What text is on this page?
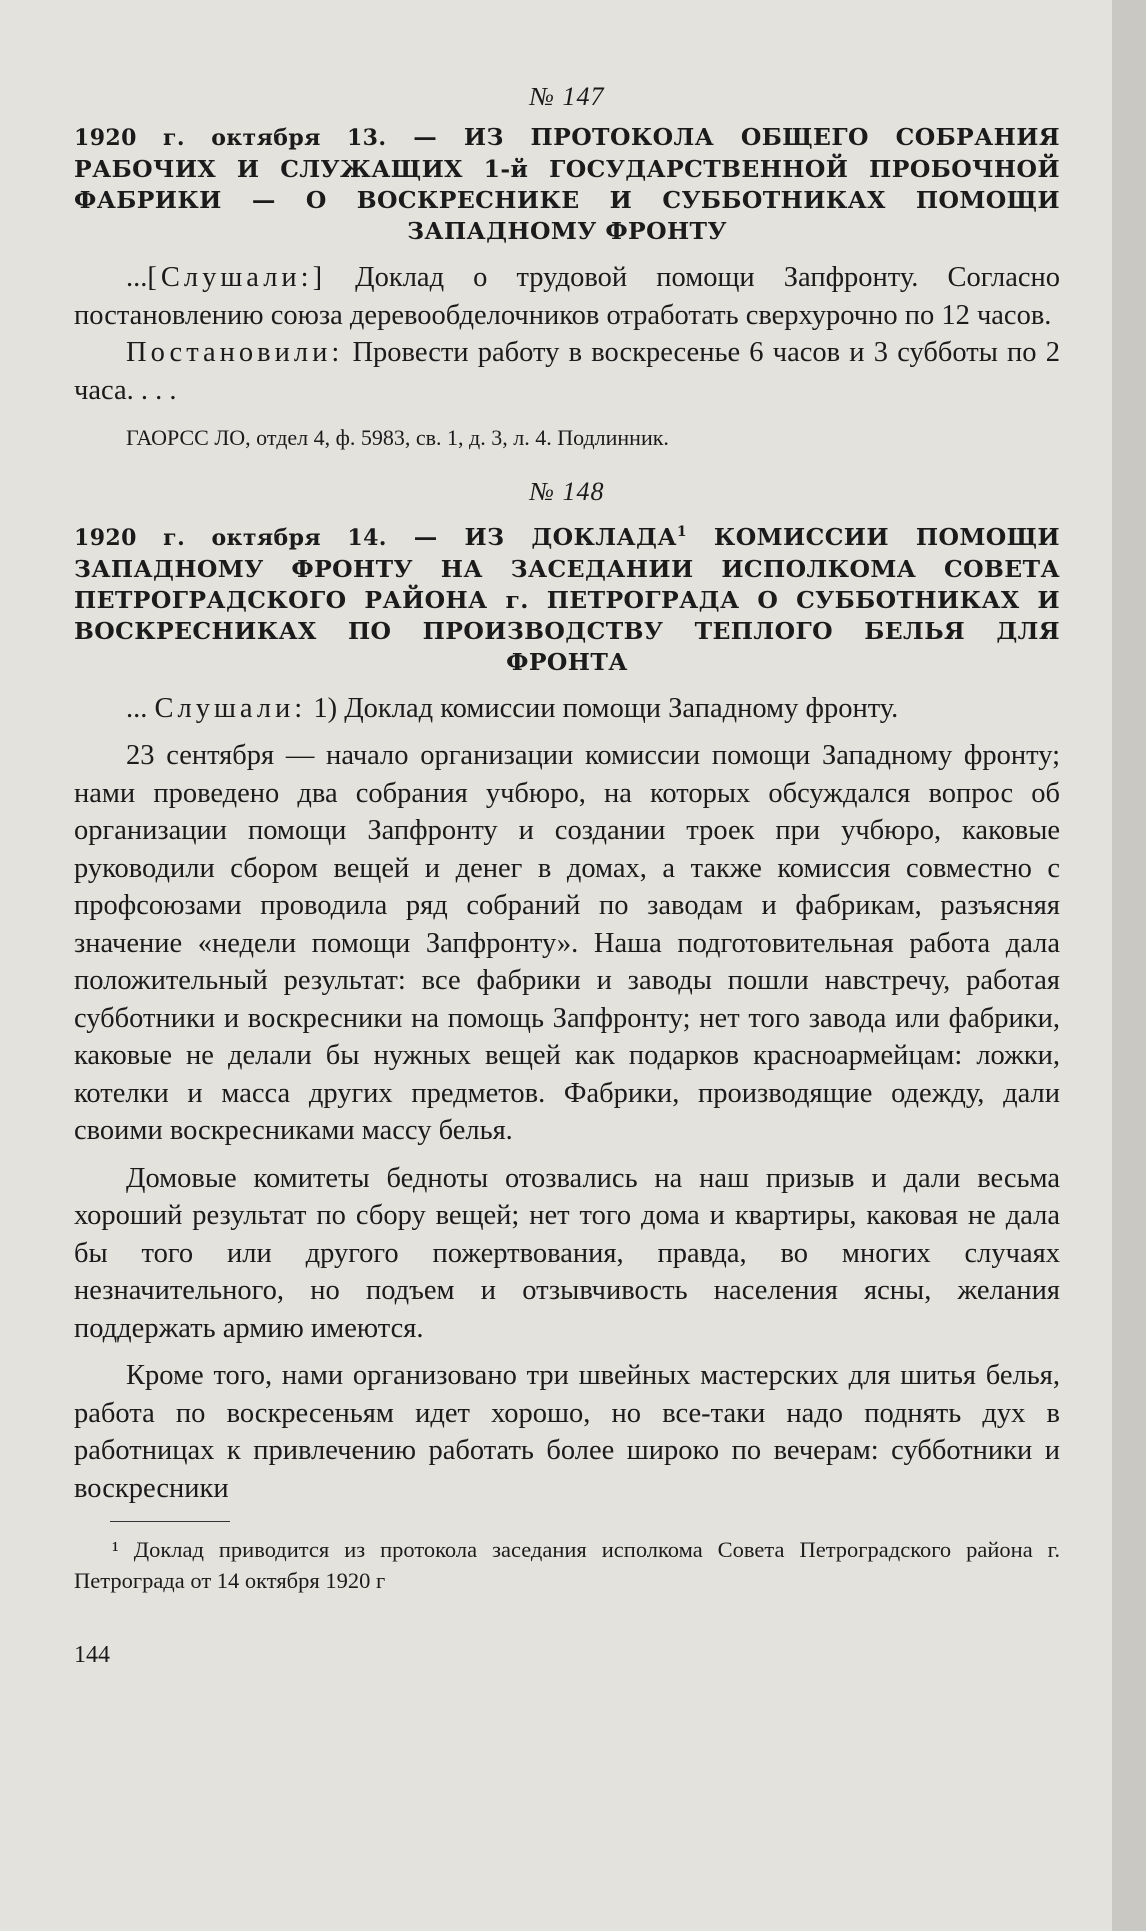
№ 147
1920 г. октября 13. — ИЗ ПРОТОКОЛА ОБЩЕГО СОБРАНИЯ РАБОЧИХ И СЛУЖАЩИХ 1-й ГОСУДАРСТВЕННОЙ ПРОБОЧНОЙ ФАБРИКИ — О ВОСКРЕСНИКЕ И СУББОТНИКАХ ПОМОЩИ ЗАПАДНОМУ ФРОНТУ

...[Слушали:] Доклад о трудовой помощи Запфронту. Согласно постановлению союза деревообделочников отработать сверхурочно по 12 часов.

Постановили: Провести работу в воскресенье 6 часов и 3 субботы по 2 часа. . . .

ГАОРСС ЛО, отдел 4, ф. 5983, св. 1, д. 3, л. 4. Подлинник.
№ 148
1920 г. октября 14. — ИЗ ДОКЛАДА$^1$ КОМИССИИ ПОМОЩИ ЗАПАДНОМУ ФРОНТУ НА ЗАСЕДАНИИ ИСПОЛКОМА СОВЕТА ПЕТРОГРАДСКОГО РАЙОНА г. ПЕТРОГРАДА О СУББОТНИКАХ И ВОСКРЕСНИКАХ ПО ПРОИЗВОДСТВУ ТЕПЛОГО БЕЛЬЯ ДЛЯ ФРОНТА

... Слушали: 1) Доклад комиссии помощи Западному фронту.

23 сентября — начало организации комиссии помощи Западному фронту; нами проведено два собрания учбюро, на которых обсуждался вопрос об организации помощи Запфронту и создании троек при учбюро, каковые руководили сбором вещей и денег в домах, а также комиссия совместно с профсоюзами проводила ряд собраний по заводам и фабрикам, разъясняя значение «недели помощи Запфронту». Наша подготовительная работа дала положительный результат: все фабрики и заводы пошли навстречу, работая субботники и воскресники на помощь Запфронту; нет того завода или фабрики, каковые не делали бы нужных вещей как подарков красноармейцам: ложки, котелки и масса других предметов. Фабрики, производящие одежду, дали своими воскресниками массу белья.

Домовые комитеты бедноты отозвались на наш призыв и дали весьма хороший результат по сбору вещей; нет того дома и квартиры, каковая не дала бы того или другого пожертвования, правда, во многих случаях незначительного, но подъем и отзывчивость населения ясны, желания поддержать армию имеются.

Кроме того, нами организовано три швейных мастерских для шитья белья, работа по воскресеньям идет хорошо, но все-таки надо поднять дух в работницах к привлечению работать более широко по вечерам: субботники и воскресники

¹ Доклад приводится из протокола заседания исполкома Совета Петроградского района г. Петрограда от 14 октября 1920 г
144
